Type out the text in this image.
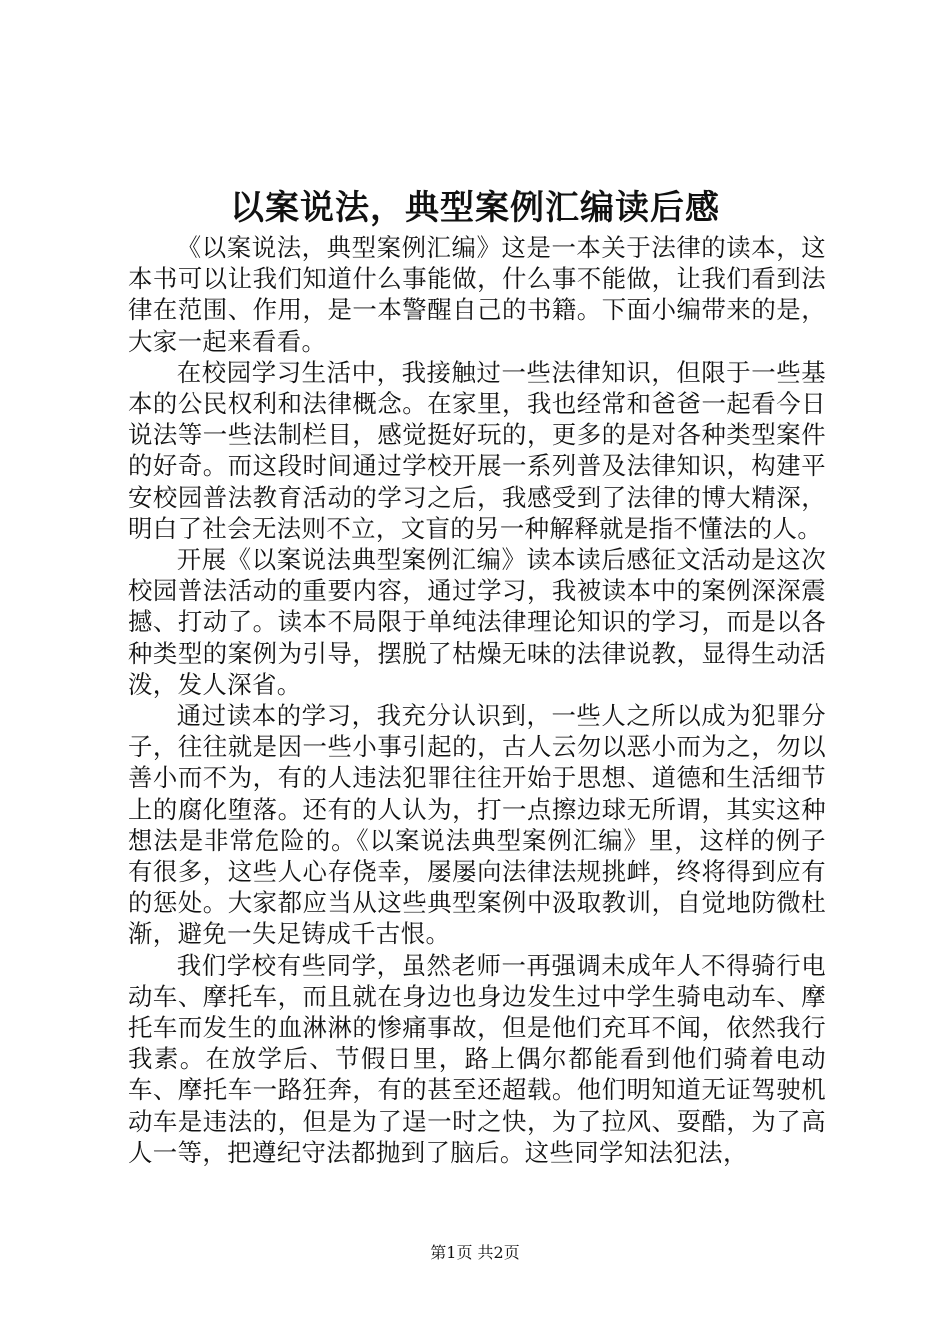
以案说法，典型案例汇编读后感

《以案说法，典型案例汇编》这是一本关于法律的读本，这本书可以让我们知道什么事能做，什么事不能做，让我们看到法律在范围、作用，是一本警醒自己的书籍。下面小编带来的是，大家一起来看看。

在校园学习生活中，我接触过一些法律知识，但限于一些基本的公民权利和法律概念。在家里，我也经常和爸爸一起看今日说法等一些法制栏目，感觉挺好玩的，更多的是对各种类型案件的好奇。而这段时间通过学校开展一系列普及法律知识，构建平安校园普法教育活动的学习之后，我感受到了法律的博大精深，明白了社会无法则不立，文盲的另一种解释就是指不懂法的人。

开展《以案说法典型案例汇编》读本读后感征文活动是这次校园普法活动的重要内容，通过学习，我被读本中的案例深深震撼、打动了。读本不局限于单纯法律理论知识的学习，而是以各种类型的案例为引导，摆脱了枯燥无味的法律说教，显得生动活泼，发人深省。

通过读本的学习，我充分认识到，一些人之所以成为犯罪分子，往往就是因一些小事引起的，古人云勿以恶小而为之，勿以善小而不为，有的人违法犯罪往往开始于思想、道德和生活细节上的腐化堕落。还有的人认为，打一点擦边球无所谓，其实这种想法是非常危险的。《以案说法典型案例汇编》里，这样的例子有很多，这些人心存侥幸，屡屡向法律法规挑衅，终将得到应有的惩处。大家都应当从这些典型案例中汲取教训，自觉地防微杜渐，避免一失足铸成千古恨。

我们学校有些同学，虽然老师一再强调未成年人不得骑行电动车、摩托车，而且就在身边也身边发生过中学生骑电动车、摩托车而发生的血淋淋的惨痛事故，但是他们充耳不闻，依然我行我素。在放学后、节假日里，路上偶尔都能看到他们骑着电动车、摩托车一路狂奔，有的甚至还超载。他们明知道无证驾驶机动车是违法的，但是为了逞一时之快，为了拉风、耍酷，为了高人一等，把遵纪守法都抛到了脑后。这些同学知法犯法，

第1页 共2页
